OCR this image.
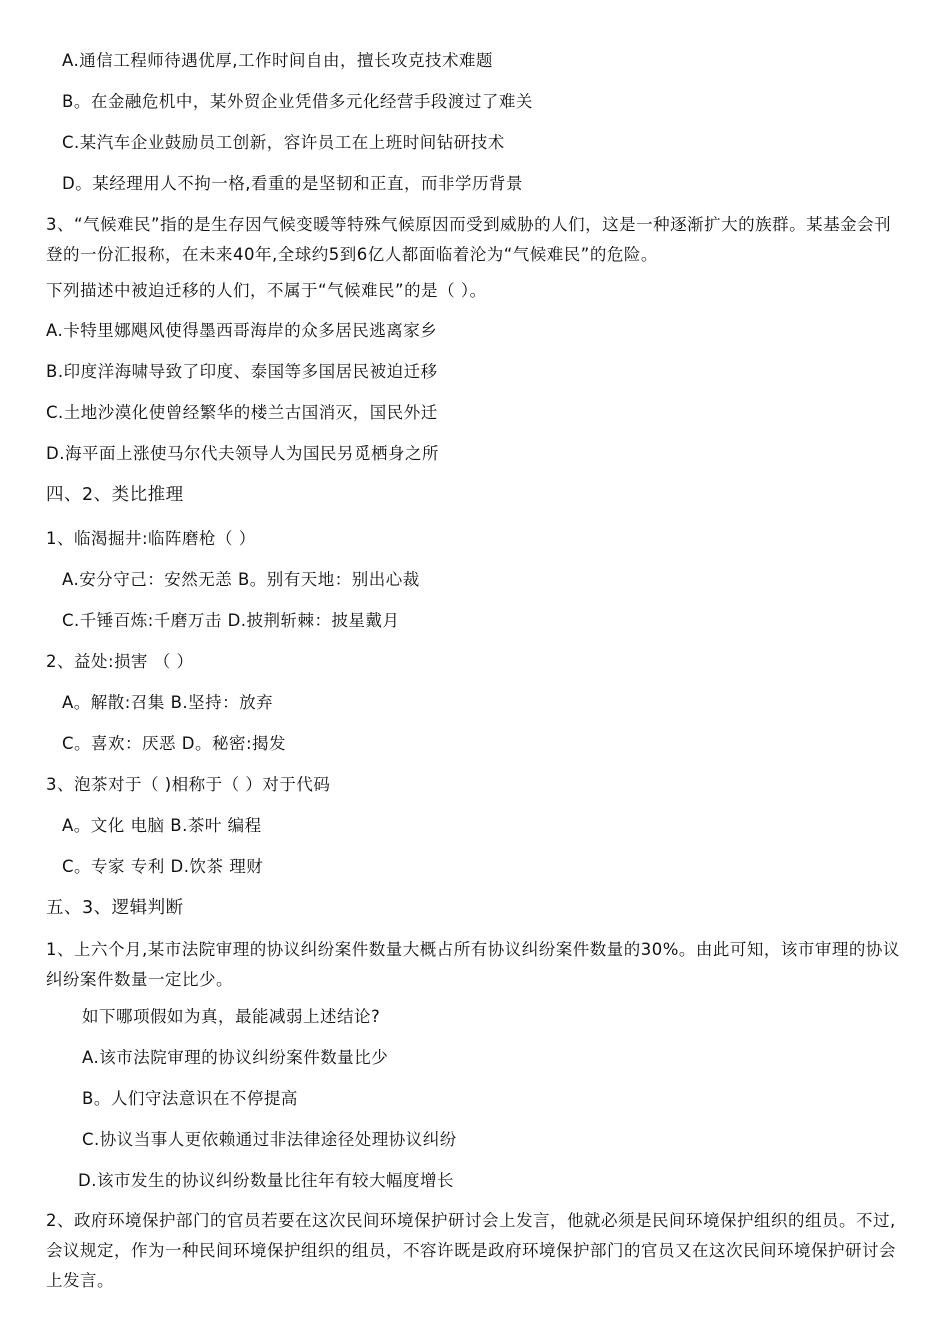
A.通信工程师待遇优厚,工作时间自由，擅长攻克技术难题
B。在金融危机中，某外贸企业凭借多元化经营手段渡过了难关
C.某汽车企业鼓励员工创新，容许员工在上班时间钻研技术
D。某经理用人不拘一格,看重的是坚韧和正直，而非学历背景
3、“气候难民”指的是生存因气候变暖等特殊气候原因而受到威胁的人们，这是一种逐渐扩大的族群。某基金会刊登的一份汇报称，在未来40年,全球约5到6亿人都面临着沦为“气候难民”的危险。
下列描述中被迫迁移的人们，不属于“气候难民”的是（ ）。
A.卡特里娜飓风使得墨西哥海岸的众多居民逃离家乡
B.印度洋海啸导致了印度、泰国等多国居民被迫迁移
C.土地沙漠化使曾经繁华的楼兰古国消灭，国民外迁
D.海平面上涨使马尔代夫领导人为国民另觅栖身之所
四、2、类比推理
1、临渴掘井:临阵磨枪（ ）
A.安分守己：安然无恙 B。别有天地：别出心裁
C.千锤百炼:千磨万击 D.披荆斩棘：披星戴月
2、益处:损害 （ ）
A。解散:召集 B.坚持：放弃
C。喜欢：厌恶 D。秘密:揭发
3、泡茶对于（ )相称于（ ）对于代码
A。文化 电脑 B.茶叶 编程
C。专家 专利 D.饮茶 理财
五、3、逻辑判断
1、上六个月,某市法院审理的协议纠纷案件数量大概占所有协议纠纷案件数量的30%。由此可知，该市审理的协议纠纷案件数量一定比少。
如下哪项假如为真，最能减弱上述结论?
A.该市法院审理的协议纠纷案件数量比少
B。人们守法意识在不停提高
C.协议当事人更依赖通过非法律途径处理协议纠纷
D.该市发生的协议纠纷数量比往年有较大幅度增长
2、政府环境保护部门的官员若要在这次民间环境保护研讨会上发言，他就必须是民间环境保护组织的组员。不过,会议规定，作为一种民间环境保护组织的组员，不容许既是政府环境保护部门的官员又在这次民间环境保护研讨会上发言。
